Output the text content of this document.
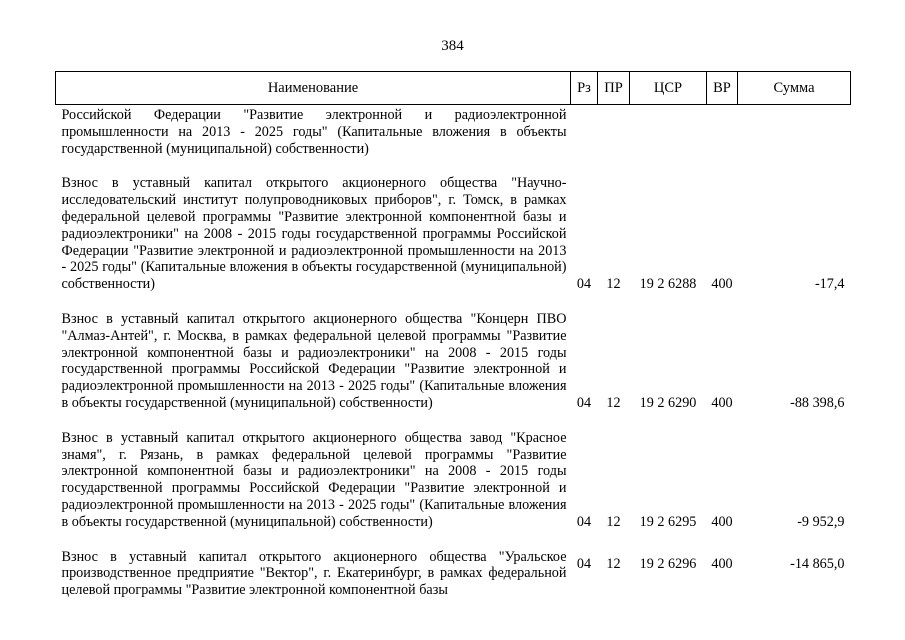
384
Наименование	Рз	ПР	ЦСР	ВР	Сумма
Российской Федерации "Развитие электронной и радиоэлектронной промышленности на 2013 - 2025 годы" (Капитальные вложения в объекты государственной (муниципальной) собственности)					
Взнос в уставный капитал открытого акционерного общества "Научно-исследовательский институт полупроводниковых приборов", г. Томск, в рамках федеральной целевой программы "Развитие электронной компонентной базы и радиоэлектроники" на 2008 - 2015 годы государственной программы Российской Федерации "Развитие электронной и радиоэлектронной промышленности на 2013 - 2025 годы" (Капитальные вложения в объекты государственной (муниципальной) собственности)	04	12	19 2 6288	400	-17,4
Взнос в уставный капитал открытого акционерного общества "Концерн ПВО "Алмаз-Антей", г. Москва, в рамках федеральной целевой программы "Развитие электронной компонентной базы и радиоэлектроники" на 2008 - 2015 годы государственной программы Российской Федерации "Развитие электронной и радиоэлектронной промышленности на 2013 - 2025 годы" (Капитальные вложения в объекты государственной (муниципальной) собственности)	04	12	19 2 6290	400	-88 398,6
Взнос в уставный капитал открытого акционерного общества завод "Красное знамя", г. Рязань, в рамках федеральной целевой программы "Развитие электронной компонентной базы и радиоэлектроники" на 2008 - 2015 годы государственной программы Российской Федерации "Развитие электронной и радиоэлектронной промышленности на 2013 - 2025 годы" (Капитальные вложения в объекты государственной (муниципальной) собственности)	04	12	19 2 6295	400	-9 952,9
Взнос в уставный капитал открытого акционерного общества "Уральское производственное предприятие "Вектор", г. Екатеринбург, в рамках федеральной целевой программы "Развитие электронной компонентной базы	04	12	19 2 6296	400	-14 865,0
